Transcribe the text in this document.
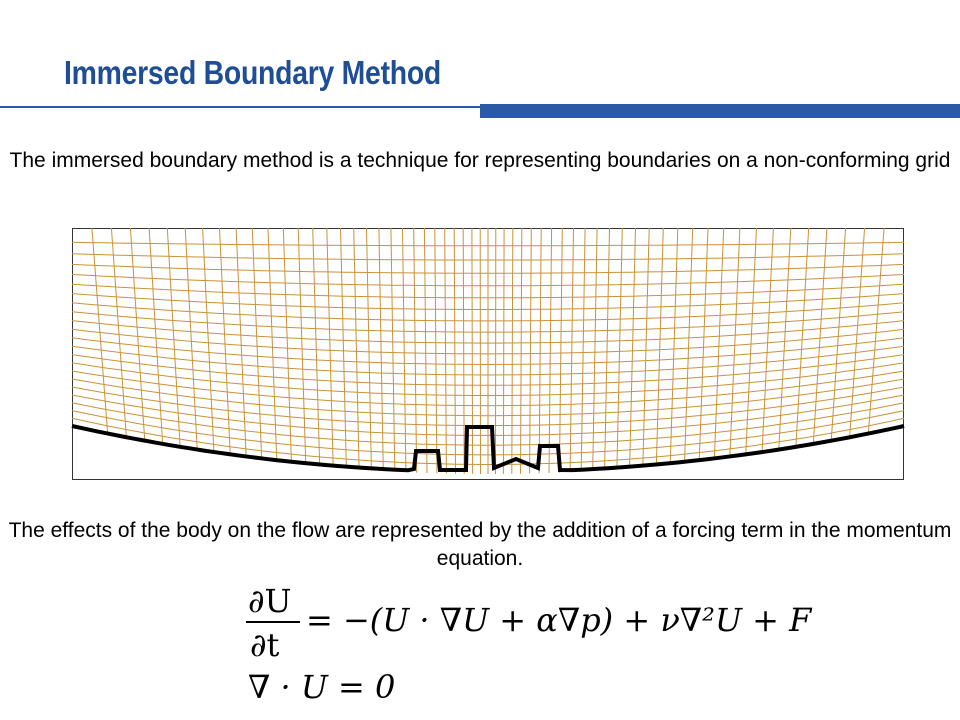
Immersed Boundary Method

The immersed boundary method is a technique for representing boundaries on a non-conforming grid

The effects of the body on the flow are represented by the addition of a forcing term in the momentum equation.

∂U
∂t
= −(U · ∇U + α∇p) + ν∇²U + F
∇ · U = 0
